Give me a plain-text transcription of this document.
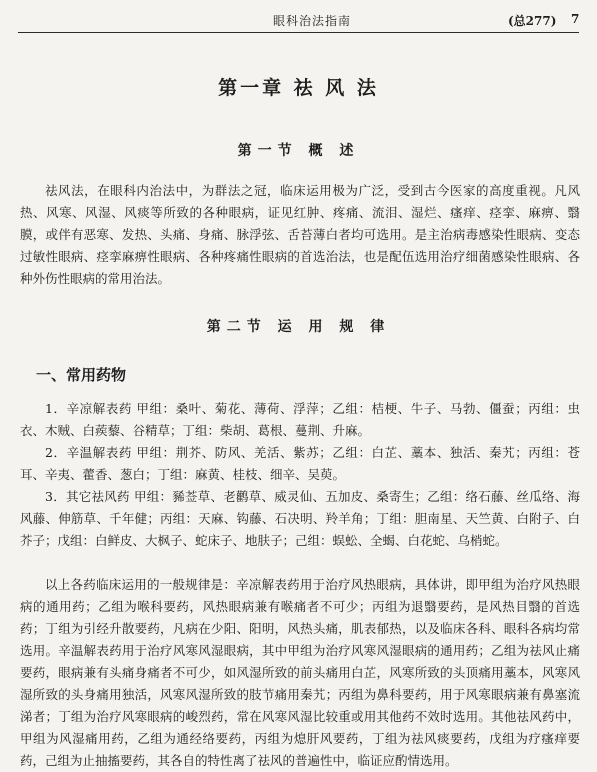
眼科治法指南	(总277) 7
第一章 祛 风 法
第一节 概 述

祛风法，在眼科内治法中，为群法之冠，临床运用极为广泛，受到古今医家的高度重视。凡风热、风寒、风湿、风痰等所致的各种眼病，证见红肿、疼痛、流泪、湿烂、瘙痒、痉挛、麻痹、翳膜，或伴有恶寒、发热、头痛、身痛、脉浮弦、舌苔薄白者均可选用。是主治病毒感染性眼病、变态过敏性眼病、痉挛麻痹性眼病、各种疼痛性眼病的首选治法，也是配伍选用治疗细菌感染性眼病、各种外伤性眼病的常用治法。

第二节 运 用 规 律
一、常用药物

1．辛凉解表药 甲组：桑叶、菊花、薄荷、浮萍；乙组：桔梗、牛子、马勃、僵蚕；丙组：虫衣、木贼、白蒺藜、谷精草；丁组：柴胡、葛根、蔓荆、升麻。

2．辛温解表药 甲组：荆芥、防风、羌活、紫苏；乙组：白芷、藁本、独活、秦艽；丙组：苍耳、辛夷、藿香、葱白；丁组：麻黄、桂枝、细辛、吴萸。

3．其它祛风药 甲组：豨莶草、老鹳草、威灵仙、五加皮、桑寄生；乙组：络石藤、丝瓜络、海风藤、伸筋草、千年健；丙组：天麻、钩藤、石决明、羚羊角；丁组：胆南星、天竺黄、白附子、白芥子；戊组：白鲜皮、大枫子、蛇床子、地肤子；己组：蜈蚣、全蝎、白花蛇、乌梢蛇。

以上各药临床运用的一般规律是：辛凉解表药用于治疗风热眼病，具体讲，即甲组为治疗风热眼病的通用药；乙组为喉科要药，风热眼病兼有喉痛者不可少；丙组为退翳要药，是风热目翳的首选药；丁组为引经升散要药，凡病在少阳、阳明，风热头痛，肌表郁热，以及临床各科、眼科各病均常选用。辛温解表药用于治疗风寒风湿眼病，其中甲组为治疗风寒风湿眼病的通用药；乙组为祛风止痛要药，眼病兼有头痛身痛者不可少，如风湿所致的前头痛用白芷，风寒所致的头顶痛用藁本，风寒风湿所致的头身痛用独活，风寒风湿所致的肢节痛用秦艽；丙组为鼻科要药，用于风寒眼病兼有鼻塞流涕者；丁组为治疗风寒眼病的峻烈药，常在风寒风湿比较重或用其他药不效时选用。其他祛风药中，甲组为风湿痛用药，乙组为通经络要药，丙组为熄肝风要药，丁组为祛风痰要药，戊组为疗瘙痒要药，己组为止抽搐要药，其各自的特性离了祛风的普遍性中，临证应酌情选用。
